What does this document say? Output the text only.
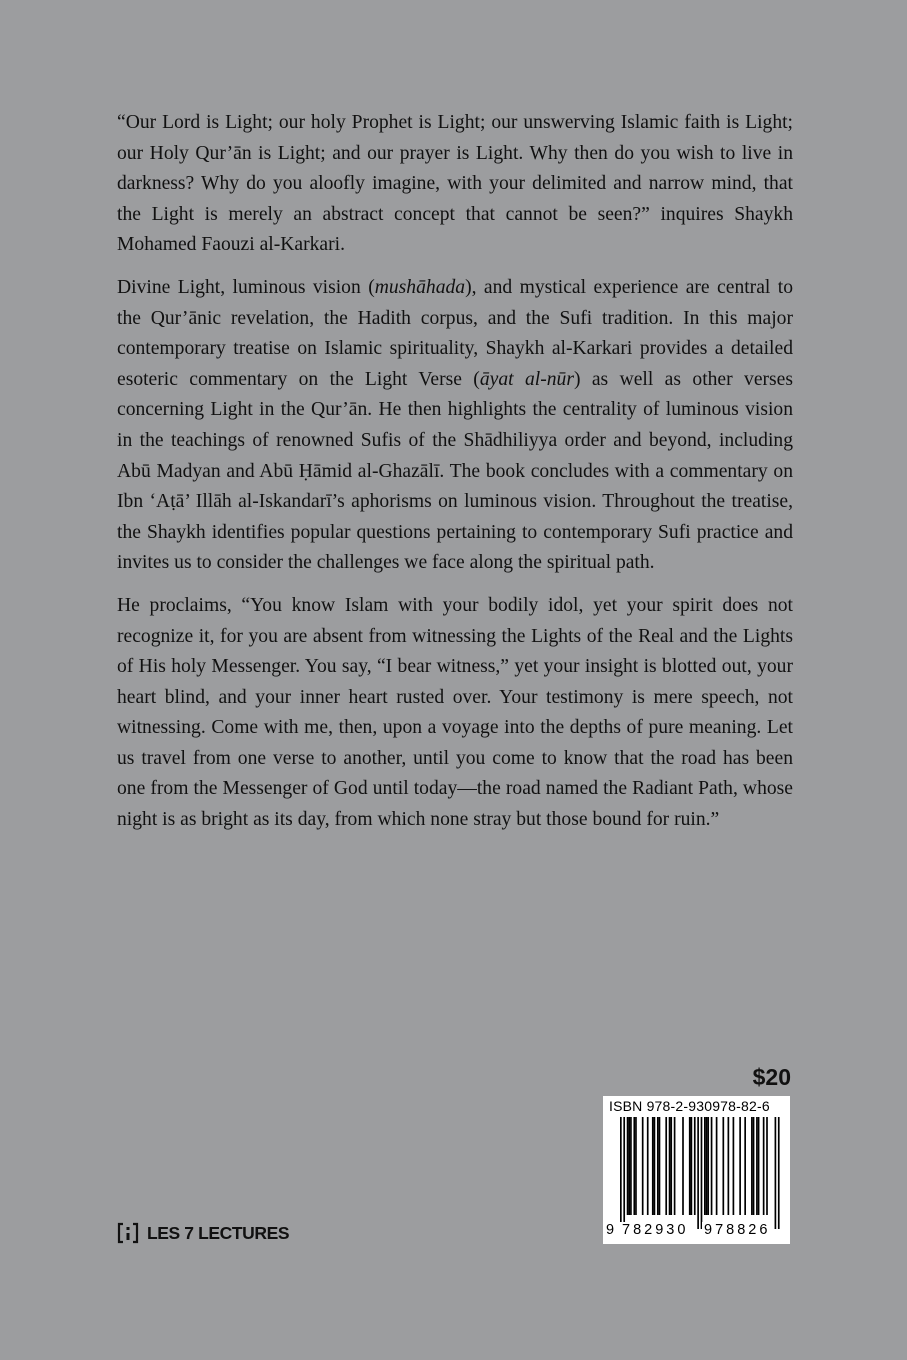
“Our Lord is Light; our holy Prophet is Light; our unswerving Islamic faith is Light; our Holy Qur’ān is Light; and our prayer is Light. Why then do you wish to live in darkness? Why do you aloofly imagine, with your delimited and narrow mind, that the Light is merely an abstract concept that cannot be seen?” inquires Shaykh Mohamed Faouzi al-Karkari.

Divine Light, luminous vision (mushāhada), and mystical experience are central to the Qur’ānic revelation, the Hadith corpus, and the Sufi tradition. In this major contemporary treatise on Islamic spirituality, Shaykh al-Karkari provides a detailed esoteric commentary on the Light Verse (āyat al-nūr) as well as other verses concerning Light in the Qur’ān. He then highlights the centrality of luminous vision in the teachings of renowned Sufis of the Shādhiliyya order and beyond, including Abū Madyan and Abū Ḥāmid al-Ghazālī. The book concludes with a commentary on Ibn ‘Aṭā’ Illāh al-Iskandarī’s aphorisms on luminous vision. Throughout the treatise, the Shaykh identifies popular questions pertaining to contemporary Sufi practice and invites us to consider the challenges we face along the spiritual path.

He proclaims, “You know Islam with your bodily idol, yet your spirit does not recognize it, for you are absent from witnessing the Lights of the Real and the Lights of His holy Messenger. You say, “I bear witness,” yet your insight is blotted out, your heart blind, and your inner heart rusted over. Your testimony is mere speech, not witnessing. Come with me, then, upon a voyage into the depths of pure meaning. Let us travel from one verse to another, until you come to know that the road has been one from the Messenger of God until today—the road named the Radiant Path, whose night is as bright as its day, from which none stray but those bound for ruin.”

$20
ISBN 978-2-930978-82-6
9 782930 978826
LES 7 LECTURES
